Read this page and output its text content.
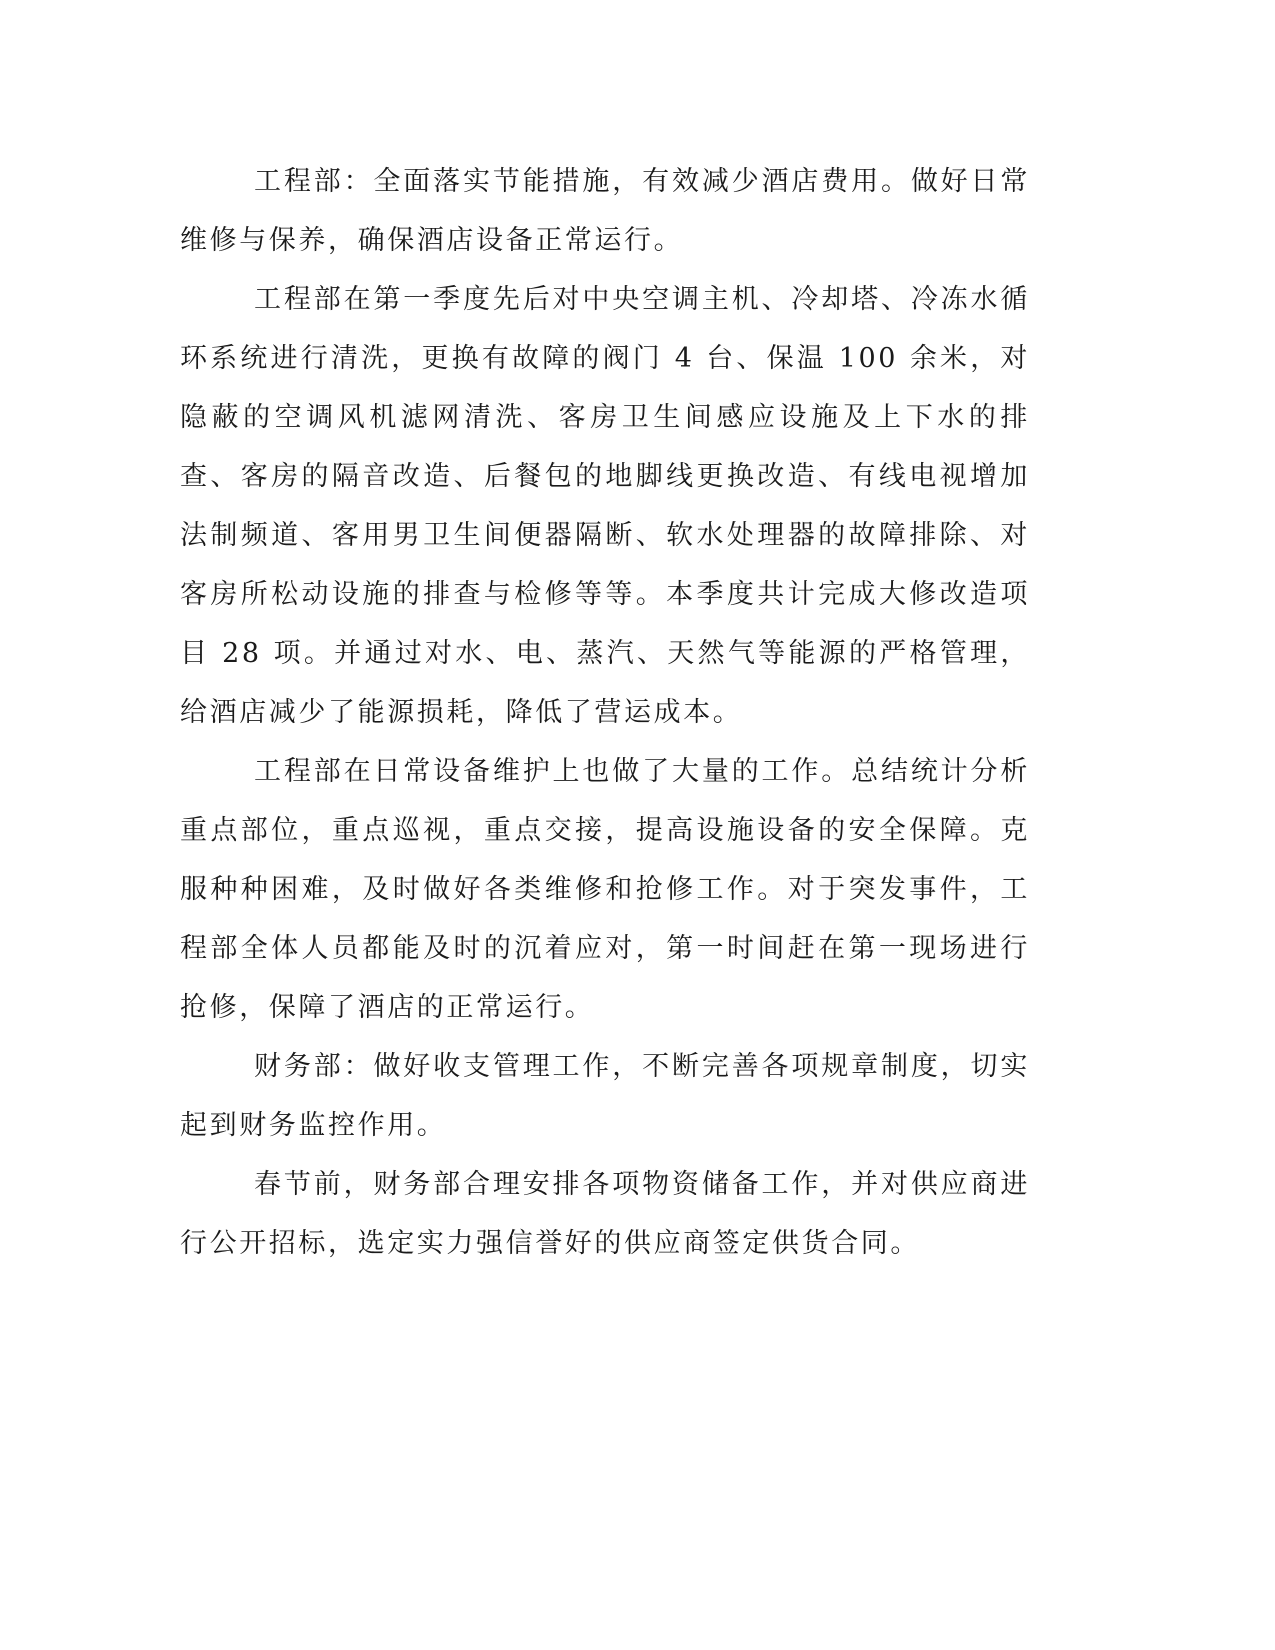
工程部：全面落实节能措施，有效减少酒店费用。做好日常维修与保养，确保酒店设备正常运行。

工程部在第一季度先后对中央空调主机、冷却塔、冷冻水循环系统进行清洗，更换有故障的阀门 4 台、保温 100 余米，对隐蔽的空调风机滤网清洗、客房卫生间感应设施及上下水的排查、客房的隔音改造、后餐包的地脚线更换改造、有线电视增加法制频道、客用男卫生间便器隔断、软水处理器的故障排除、对客房所松动设施的排查与检修等等。本季度共计完成大修改造项目 28 项。并通过对水、电、蒸汽、天然气等能源的严格管理，给酒店减少了能源损耗，降低了营运成本。

工程部在日常设备维护上也做了大量的工作。总结统计分析重点部位，重点巡视，重点交接，提高设施设备的安全保障。克服种种困难，及时做好各类维修和抢修工作。对于突发事件，工程部全体人员都能及时的沉着应对，第一时间赶在第一现场进行抢修，保障了酒店的正常运行。

财务部：做好收支管理工作，不断完善各项规章制度，切实起到财务监控作用。

春节前，财务部合理安排各项物资储备工作，并对供应商进行公开招标，选定实力强信誉好的供应商签定供货合同。
